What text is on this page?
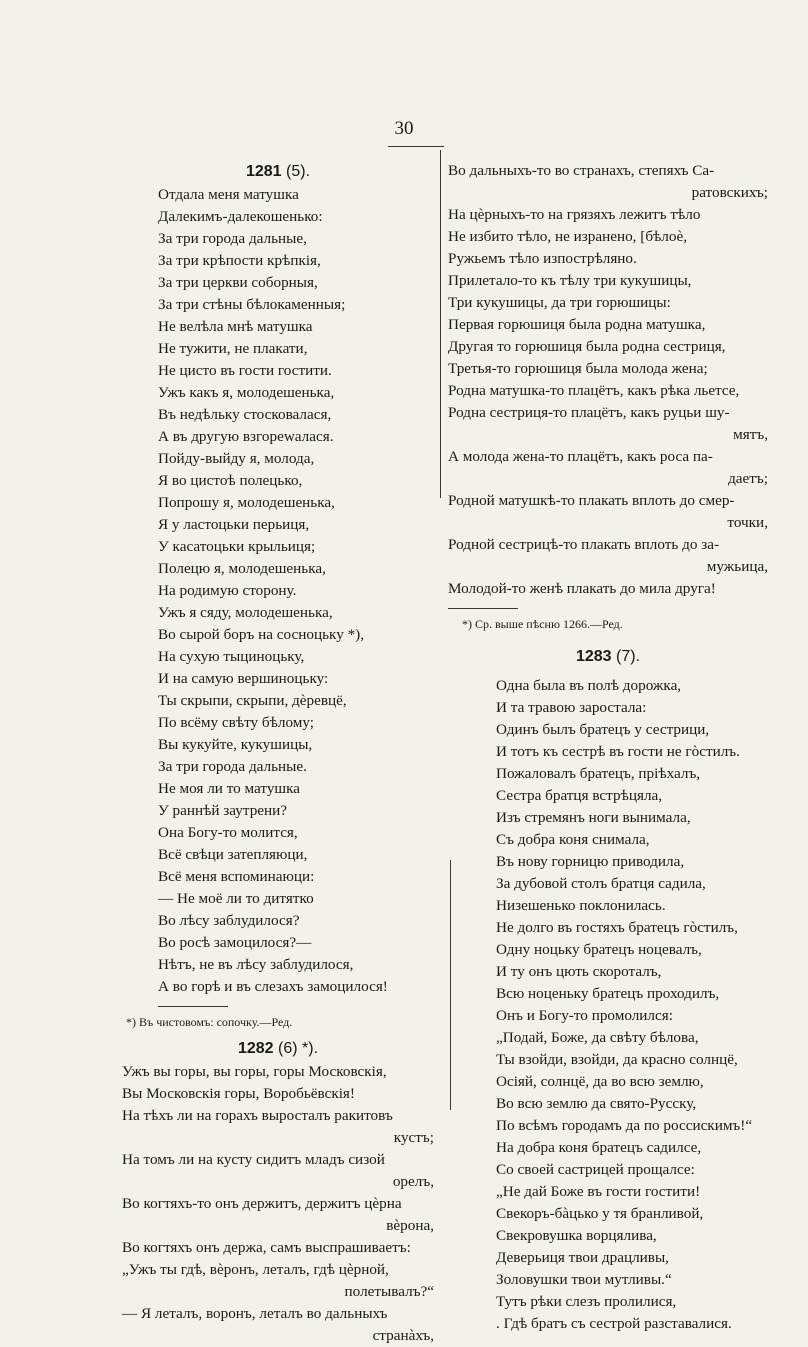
30

1281 (5).

Отдала меня матушка

Далекимъ-далекошенько:

За три города дальные,

За три крѣпости крѣпкія,

За три церкви соборныя,

За три стѣны бѣлокаменныя;

Не велѣла мнѣ матушка

Не тужити, не плакати,

Не цисто въ гости гостити.

Ужъ какъ я, молодешенька,

Въ недѣльку стосковалася,

А въ другую взгорewалася.

Пойду-выйду я, молода,

Я во цистоѣ полецько,

Попрошу я, молодешенька,

Я у ластоцьки перьиця,

У касатоцьки крыльиця;

Полецю я, молодешенька,

На родимую сторону.

Ужъ я сяду, молодешенька,

Во сырой боръ на сосноцьку *),

На сухую тыциноцьку,

И на самую вершиноцьку:

Ты скрыпи, скрыпи, дѐревцё,

По всёму свѣту бѣлому;

Вы кукуйте, кукушицы,

За три города дальные.

Не моя ли то матушка

У раннѣй заутрени?

Она Богу-то молится,

Всё свѣци затепляюци,

Всё меня вспоминаюци:

— Не моё ли то дитятко

Во лѣсу заблудилося?

Во росѣ замоцилося?—

Нѣтъ, не въ лѣсу заблудилося,

А во горѣ и въ слезахъ замоцилося!

*) Въ чистовомъ: сопочку.—Ред.

1282 (6) *).

Ужъ вы горы, вы горы, горы Московскія,

Вы Московскія горы, Воробьёвскія!

На тѣхъ ли на горахъ выросталъ ракитовъ

кустъ;

На томъ ли на кусту сидитъ младъ сизой

орелъ,

Во когтяхъ-то онъ держитъ, держитъ цѐрна

вѐрона,

Во когтяхъ онъ держа, самъ выспрашиваетъ:

„Ужъ ты гдѣ, вѐронъ, леталъ, гдѣ цѐрной,

полетывалъ?“

— Я леталъ, воронъ, леталъ во дальныхъ

странàхъ,

Во дальныхъ-то во странахъ, степяхъ Са-

ратовскихъ;

На цѐрныхъ-то на грязяхъ лежитъ тѣло

Не избито тѣло, не изранено, [бѣлоѐ,

Ружьемъ тѣло изпострѣляно.

Прилетало-то къ тѣлу три кукушицы,

Три кукушицы, да три горюшицы:

Первая горюшиця была родна матушка,

Другая то горюшиця была родна сестриця,

Третья-то горюшиця была молода жена;

Родна матушка-то плацётъ, какъ рѣка льетсе,

Родна сестриця-то плацётъ, какъ руцьи шу-

мятъ,

А молода жена-то плацётъ, какъ роса па-

даетъ;

Родной матушкѣ-то плакать вплоть до смер-

точки,

Родной сестрицѣ-то плакать вплоть до за-

мужьица,

Молодой-то женѣ плакать до мила друга!

*) Ср. выше пѣсню 1266.—Ред.

1283 (7).

Одна была въ полѣ дорожка,

И та травою заростала:

Одинъ былъ братецъ у сестрици,

И тотъ къ сестрѣ въ гости не гòстилъ.

Пожаловалъ братецъ, пріѣхалъ,

Сестра братця встрѣцяла,

Изъ стремянъ ноги вынимала,

Съ добра коня снимала,

Въ нову горницю приводила,

За дубовой столъ братця садила,

Низешенько поклонилась.

Не долго въ гостяхъ братецъ гòстилъ,

Одну ноцьку братецъ ноцевалъ,

И ту онъ цють скороталъ,

Всю ноценьку братецъ проходилъ,

Онъ и Богу-то промолился:

„Подай, Боже, да свѣту бѣлова,

Ты взойди, взойди, да красно солнцё,

Осіяй, солнцё, да во всю землю,

Во всю землю да свято-Русску,

По всѣмъ городамъ да по россискимъ!“

На добра коня братецъ садилсе,

Со своей састрицей прощалсе:

„Не дай Боже въ гости гостити!

Свекоръ-бàцько у тя бранливой,

Свекровушка ворцялива,

Деверьиця твои драцливы,

Золовушки твои мутливы.“

Тутъ рѣки слезъ пролилися,

. Гдѣ братъ съ сестрой разставалися.
